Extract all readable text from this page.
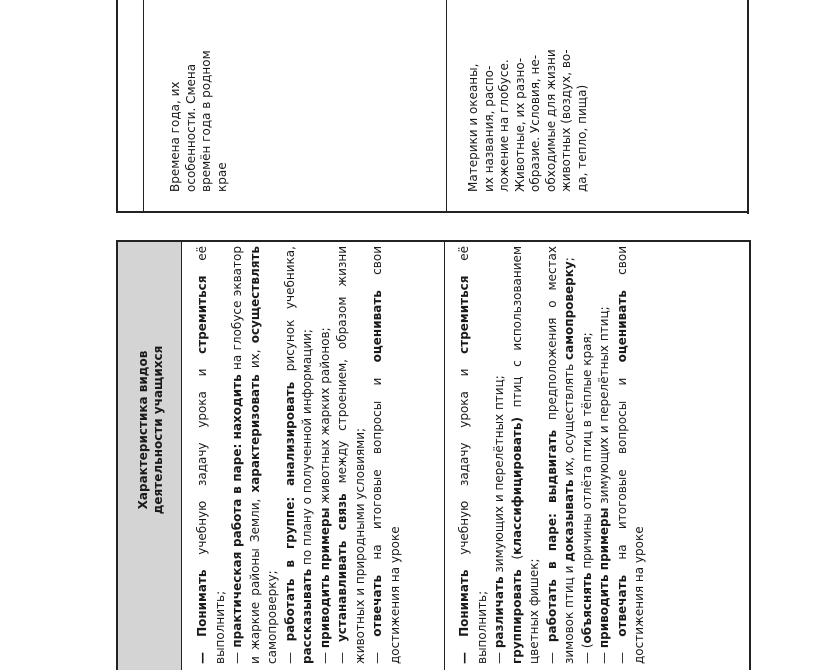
Времена года, их
особенности. Смена
времён года в родном
крае	Материки и океаны,
их названия, распо-
ложение на глобусе.
Животные, их разно-
образие. Условия, не-
обходимые для жизни
животных (воздух, во-
да, тепло, пища)
Характеристика видов деятельности учащихся

— Понимать учебную задачу урока и стремиться её выполнить; — практическая работа в паре: находить на глобусе экватор и жаркие районы Земли, характеризовать их, осуществлять самопроверку; — работать в группе: анализировать рисунок учебника, рассказывать по плану о полученной информации;

— приводить примеры животных жарких районов;

— устанавливать связь между строением, образом жизни животных и природными условиями; — отвечать на итоговые вопросы и оценивать свои достижения на уроке	— Понимать учебную задачу урока и стремиться её выполнить; — различать зимующих и перелётных птиц;

группировать (классифицировать) птиц с использованием цветных фишек; — работать в паре: выдвигать предположения о местах зимовок птиц и доказывать их, осуществлять самопроверку;

— (объяснять причины отлёта птиц в тёплые края;

— приводить примеры зимующих и перелётных птиц;

— отвечать на итоговые вопросы и оценивать свои достижения на уроке
